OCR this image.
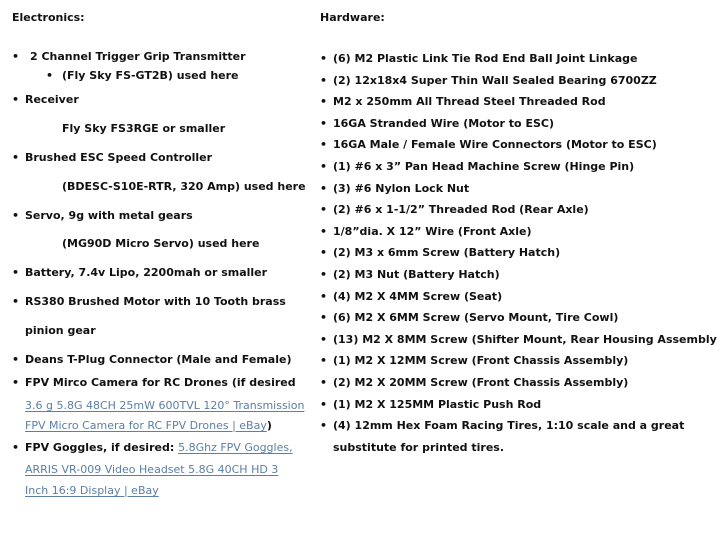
Electronics:
• 2 Channel Trigger Grip Transmitter
• (Fly Sky FS-GT2B) used here
• Receiver
Fly Sky FS3RGE or smaller
• Brushed ESC Speed Controller
(BDESC-S10E-RTR, 320 Amp) used here
• Servo, 9g with metal gears
(MG90D Micro Servo) used here
• Battery, 7.4v Lipo, 2200mah or smaller
• RS380 Brushed Motor with 10 Tooth brass
pinion gear
• Deans T-Plug Connector (Male and Female)
• FPV Mirco Camera for RC Drones (if desired
3.6 g 5.8G 48CH 25mW 600TVL 120° Transmission
FPV Micro Camera for RC FPV Drones | eBay)
• FPV Goggles, if desired: 5.8Ghz FPV Goggles,
ARRIS VR-009 Video Headset 5.8G 40CH HD 3
Inch 16:9 Display | eBay
Hardware:
• (6) M2 Plastic Link Tie Rod End Ball Joint Linkage
• (2) 12x18x4 Super Thin Wall Sealed Bearing 6700ZZ
• M2 x 250mm All Thread Steel Threaded Rod
• 16GA Stranded Wire (Motor to ESC)
• 16GA Male / Female Wire Connectors (Motor to ESC)
• (1) #6 x 3” Pan Head Machine Screw (Hinge Pin)
• (3) #6 Nylon Lock Nut
• (2) #6 x 1-1/2” Threaded Rod (Rear Axle)
• 1/8”dia. X 12” Wire (Front Axle)
• (2) M3 x 6mm Screw (Battery Hatch)
• (2) M3 Nut (Battery Hatch)
• (4) M2 X 4MM Screw (Seat)
• (6) M2 X 6MM Screw (Servo Mount, Tire Cowl)
• (13) M2 X 8MM Screw (Shifter Mount, Rear Housing Assembly
• (1) M2 X 12MM Screw (Front Chassis Assembly)
• (2) M2 X 20MM Screw (Front Chassis Assembly)
• (1) M2 X 125MM Plastic Push Rod
• (4) 12mm Hex Foam Racing Tires, 1:10 scale and a great
substitute for printed tires.
